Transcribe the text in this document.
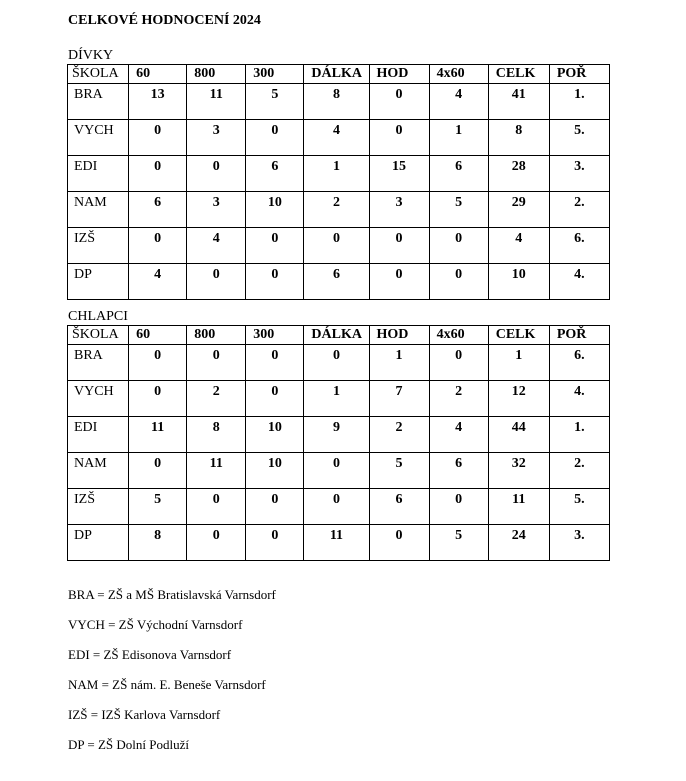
CELKOVÉ HODNOCENÍ 2024
DÍVKY
ŠKOLA	60	800	300	DÁLKA	HOD	4x60	CELK	POŘ
BRA	13	11	5	8	0	4	41	1.
VYCH	0	3	0	4	0	1	8	5.
EDI	0	0	6	1	15	6	28	3.
NAM	6	3	10	2	3	5	29	2.
IZŠ	0	4	0	0	0	0	4	6.
DP	4	0	0	6	0	0	10	4.
CHLAPCI
ŠKOLA	60	800	300	DÁLKA	HOD	4x60	CELK	POŘ
BRA	0	0	0	0	1	0	1	6.
VYCH	0	2	0	1	7	2	12	4.
EDI	11	8	10	9	2	4	44	1.
NAM	0	11	10	0	5	6	32	2.
IZŠ	5	0	0	0	6	0	11	5.
DP	8	0	0	11	0	5	24	3.
BRA = ZŠ a MŠ Bratislavská Varnsdorf
VYCH = ZŠ Východní Varnsdorf
EDI = ZŠ Edisonova Varnsdorf
NAM = ZŠ nám. E. Beneše Varnsdorf
IZŠ = IZŠ Karlova Varnsdorf
DP = ZŠ Dolní Podluží
